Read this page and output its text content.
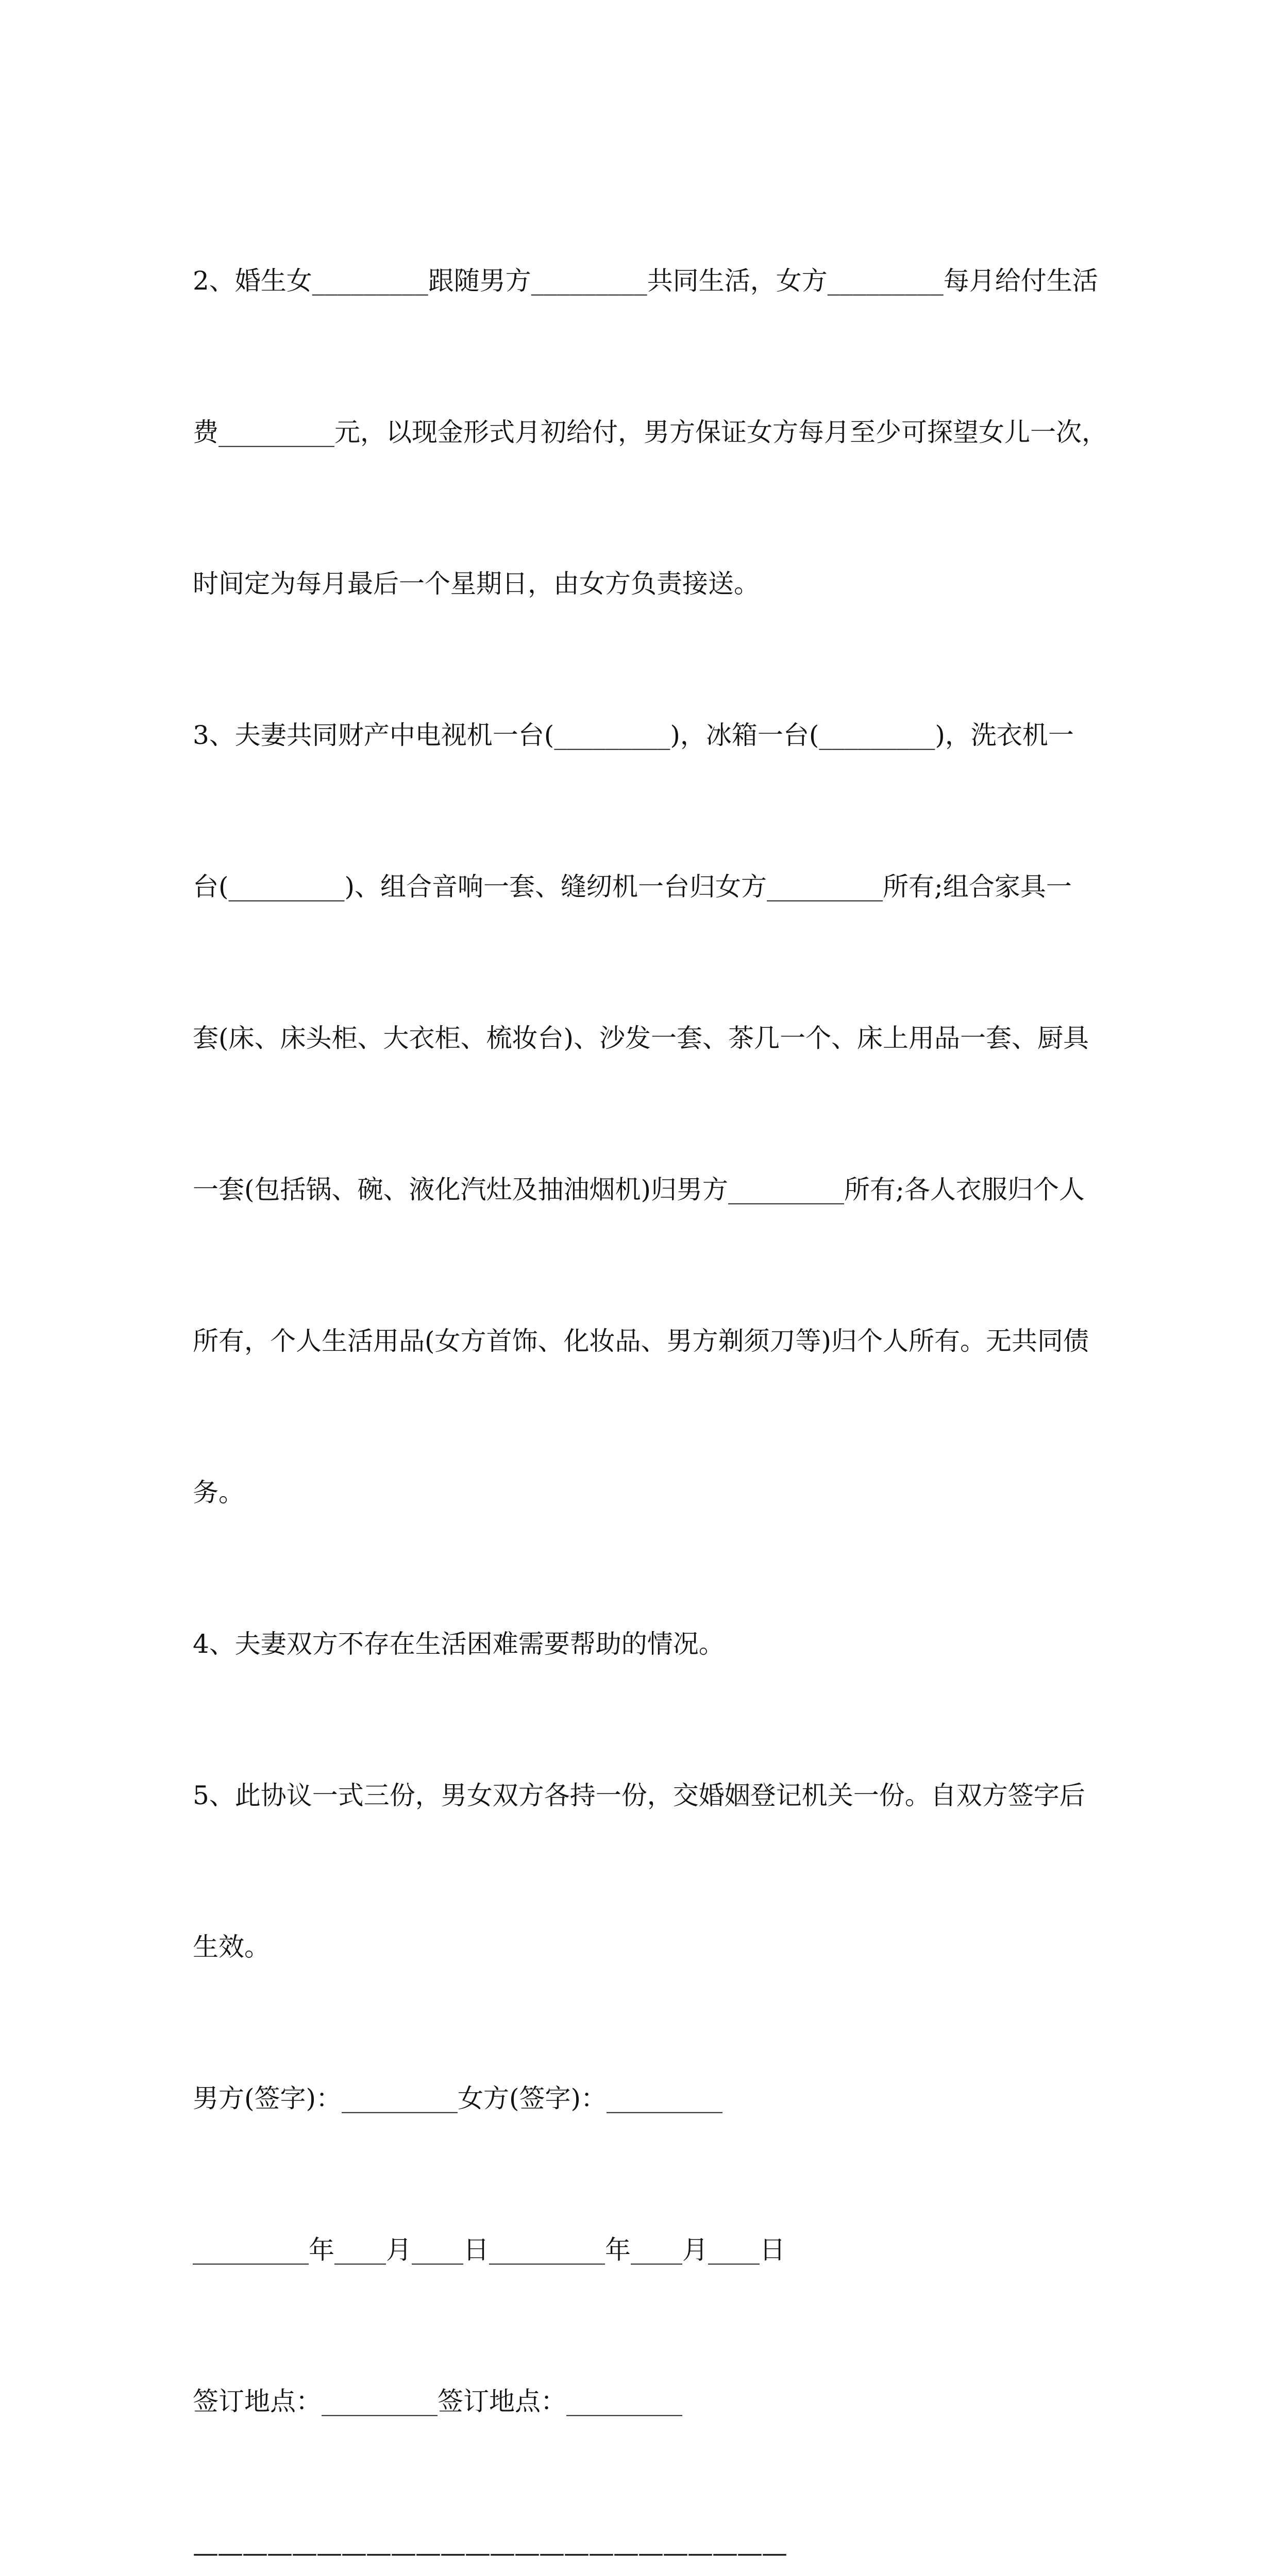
2、婚生女_________跟随男方_________共同生活，女方_________每月给付生活

费_________元，以现金形式月初给付，男方保证女方每月至少可探望女儿一次，

时间定为每月最后一个星期日，由女方负责接送。

3、夫妻共同财产中电视机一台(_________)，冰箱一台(_________)，洗衣机一

台(_________)、组合音响一套、缝纫机一台归女方_________所有;组合家具一

套(床、床头柜、大衣柜、梳妆台)、沙发一套、茶几一个、床上用品一套、厨具

一套(包括锅、碗、液化汽灶及抽油烟机)归男方_________所有;各人衣服归个人

所有，个人生活用品(女方首饰、化妆品、男方剃须刀等)归个人所有。无共同债

务。

4、夫妻双方不存在生活困难需要帮助的情况。

5、此协议一式三份，男女双方各持一份，交婚姻登记机关一份。自双方签字后

生效。

男方(签字)：_________女方(签字)：_________

_________年____月____日_________年____月____日

签订地点：_________签订地点：_________

————————————————————————
